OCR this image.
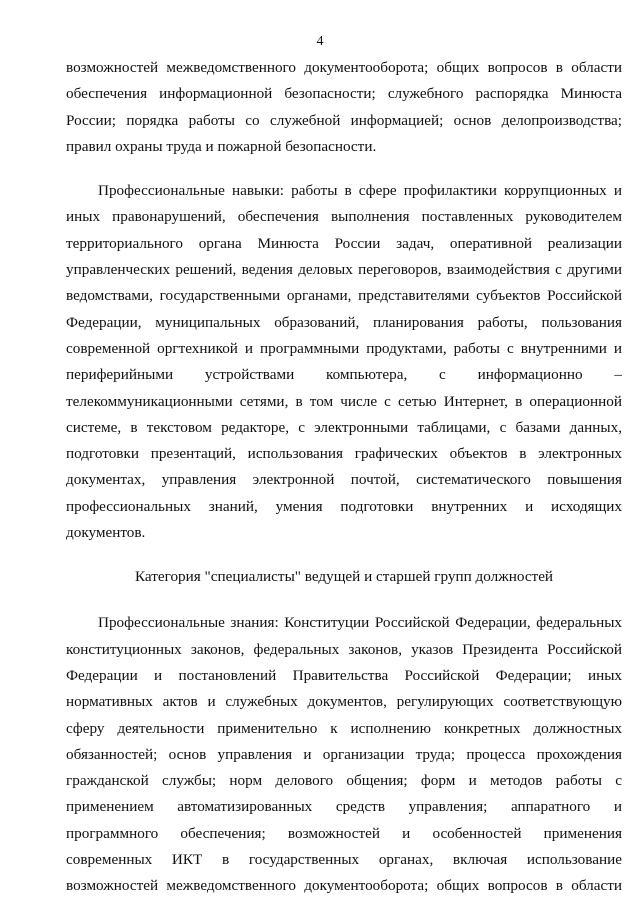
4
возможностей межведомственного документооборота; общих вопросов в области
обеспечения информационной безопасности; служебного распорядка Минюста
России; порядка работы со служебной информацией; основ делопроизводства;
правил охраны труда и пожарной безопасности.
Профессиональные навыки: работы в сфере профилактики коррупционных и
иных правонарушений, обеспечения выполнения поставленных руководителем
территориального органа Минюста России задач, оперативной реализации
управленческих решений, ведения деловых переговоров, взаимодействия с другими
ведомствами, государственными органами, представителями субъектов Российской
Федерации, муниципальных образований, планирования работы, пользования
современной оргтехникой и программными продуктами, работы с внутренними и
периферийными устройствами компьютера, с информационно –
телекоммуникационными сетями, в том числе с сетью Интернет, в операционной
системе, в текстовом редакторе, с электронными таблицами, с базами данных,
подготовки презентаций, использования графических объектов в электронных
документах, управления электронной почтой, систематического повышения
профессиональных знаний, умения подготовки внутренних и исходящих
документов.
Категория "специалисты" ведущей и старшей групп должностей
Профессиональные знания: Конституции Российской Федерации, федеральных
конституционных законов, федеральных законов, указов Президента Российской
Федерации и постановлений Правительства Российской Федерации; иных
нормативных актов и служебных документов, регулирующих соответствующую
сферу деятельности применительно к исполнению конкретных должностных
обязанностей; основ управления и организации труда; процесса прохождения
гражданской службы; норм делового общения; форм и методов работы с
применением автоматизированных средств управления; аппаратного и
программного обеспечения; возможностей и особенностей применения
современных ИКТ в государственных органах, включая использование
возможностей межведомственного документооборота; общих вопросов в области
